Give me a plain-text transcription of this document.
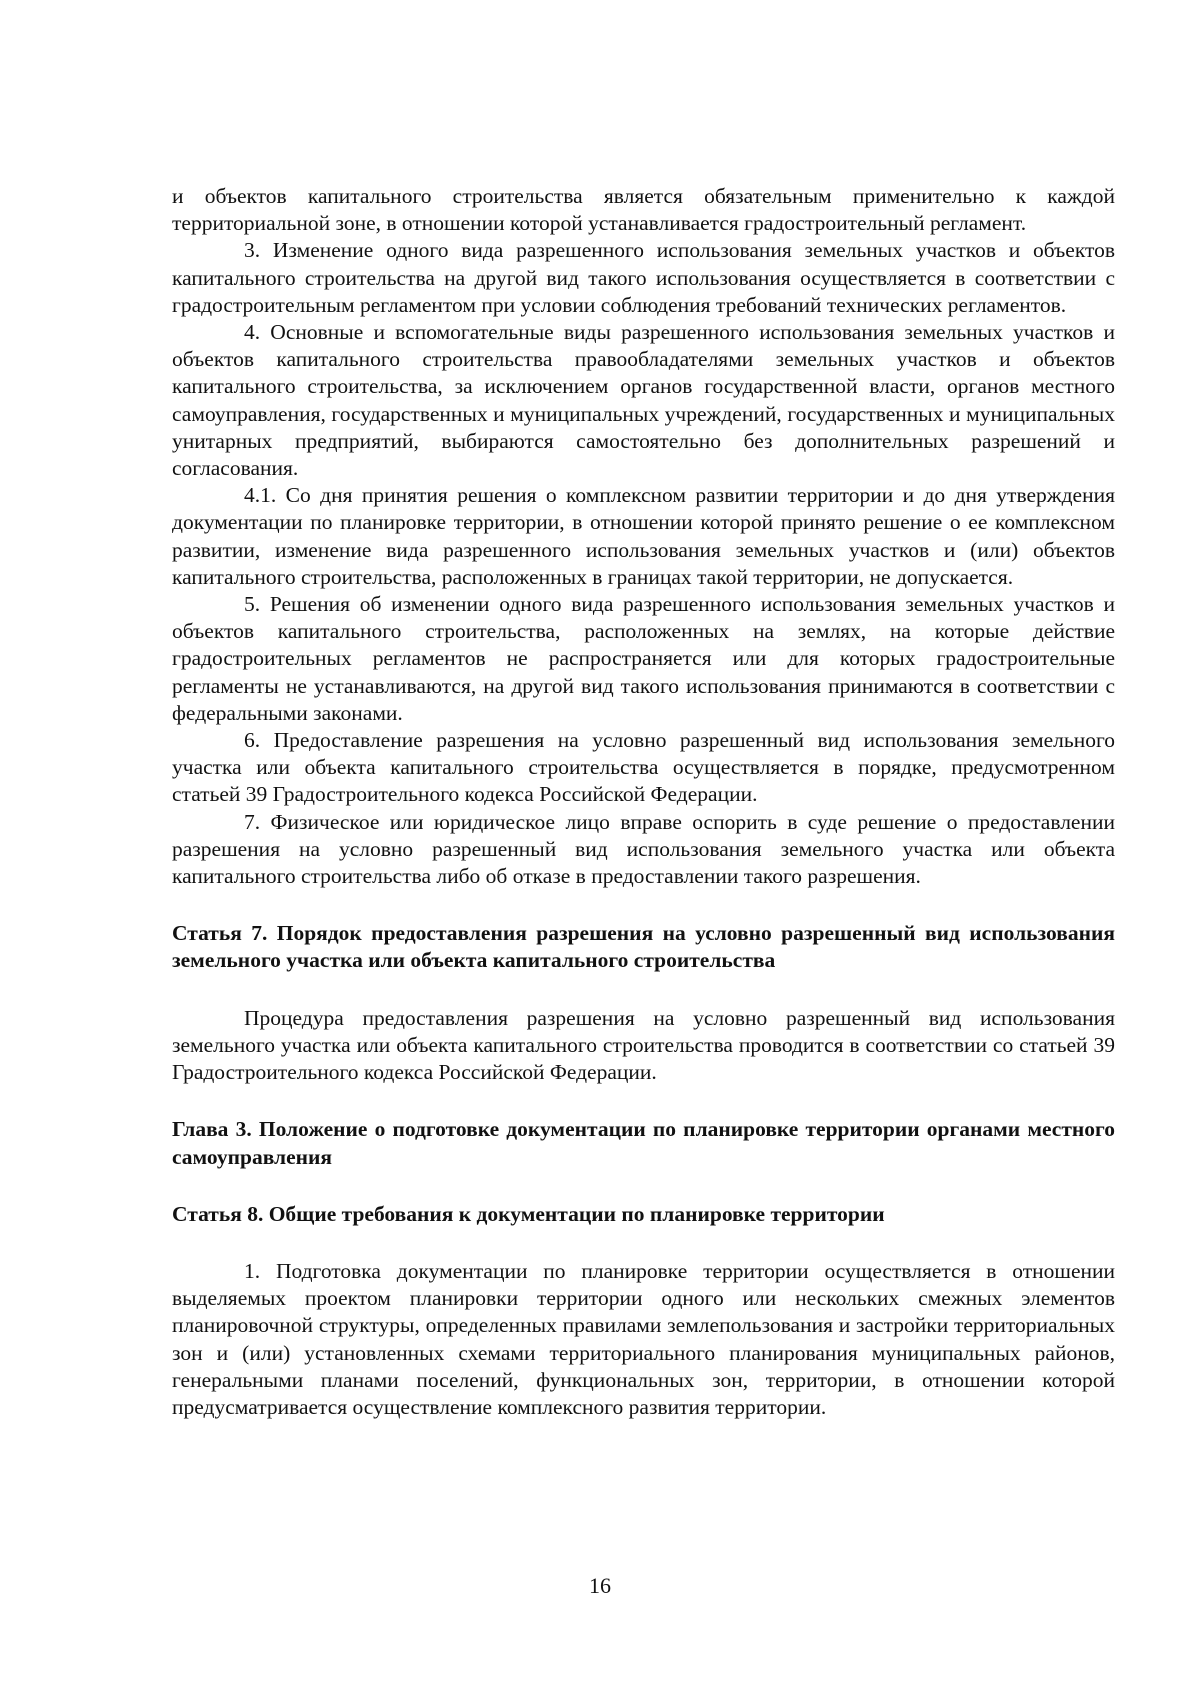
и объектов капитального строительства является обязательным применительно к каждой территориальной зоне, в отношении которой устанавливается градостроительный регламент.

3. Изменение одного вида разрешенного использования земельных участков и объектов капитального строительства на другой вид такого использования осуществляется в соответствии с градостроительным регламентом при условии соблюдения требований технических регламентов.

4. Основные и вспомогательные виды разрешенного использования земельных участков и объектов капитального строительства правообладателями земельных участков и объектов капитального строительства, за исключением органов государственной власти, органов местного самоуправления, государственных и муниципальных учреждений, государственных и муниципальных унитарных предприятий, выбираются самостоятельно без дополнительных разрешений и согласования.

4.1. Со дня принятия решения о комплексном развитии территории и до дня утверждения документации по планировке территории, в отношении которой принято решение о ее комплексном развитии, изменение вида разрешенного использования земельных участков и (или) объектов капитального строительства, расположенных в границах такой территории, не допускается.

5. Решения об изменении одного вида разрешенного использования земельных участков и объектов капитального строительства, расположенных на землях, на которые действие градостроительных регламентов не распространяется или для которых градостроительные регламенты не устанавливаются, на другой вид такого использования принимаются в соответствии с федеральными законами.

6. Предоставление разрешения на условно разрешенный вид использования земельного участка или объекта капитального строительства осуществляется в порядке, предусмотренном статьей 39 Градостроительного кодекса Российской Федерации.

7. Физическое или юридическое лицо вправе оспорить в суде решение о предоставлении разрешения на условно разрешенный вид использования земельного участка или объекта капитального строительства либо об отказе в предоставлении такого разрешения.

Статья 7. Порядок предоставления разрешения на условно разрешенный вид использования земельного участка или объекта капитального строительства

Процедура предоставления разрешения на условно разрешенный вид использования земельного участка или объекта капитального строительства проводится в соответствии со статьей 39 Градостроительного кодекса Российской Федерации.

Глава 3. Положение о подготовке документации по планировке территории органами местного самоуправления

Статья 8. Общие требования к документации по планировке территории

1. Подготовка документации по планировке территории осуществляется в отношении выделяемых проектом планировки территории одного или нескольких смежных элементов планировочной структуры, определенных правилами землепользования и застройки территориальных зон и (или) установленных схемами территориального планирования муниципальных районов, генеральными планами поселений, функциональных зон, территории, в отношении которой предусматривается осуществление комплексного развития территории.

16
